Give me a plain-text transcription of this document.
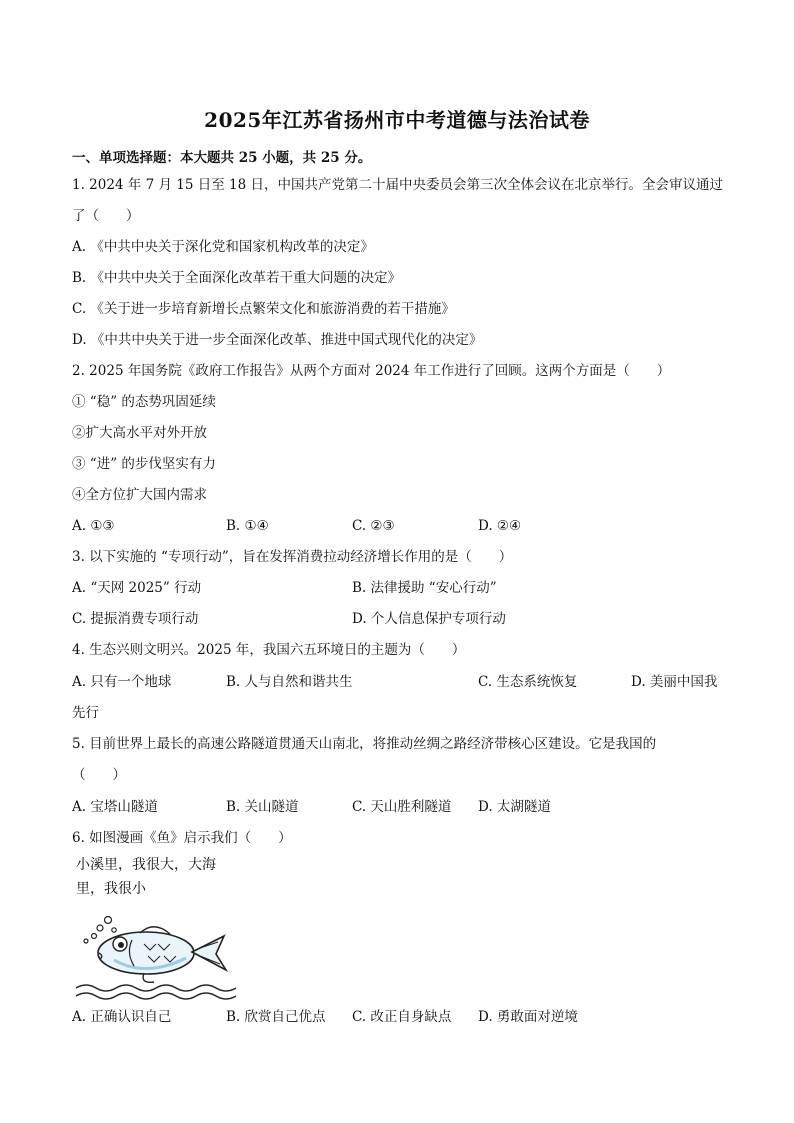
2025年江苏省扬州市中考道德与法治试卷
一、单项选择题：本大题共 25 小题，共 25 分。
1. 2024 年 7 月 15 日至 18 日，中国共产党第二十届中央委员会第三次全体会议在北京举行。全会审议通过
了（　　）
A. 《中共中央关于深化党和国家机构改革的决定》
B. 《中共中央关于全面深化改革若干重大问题的决定》
C. 《关于进一步培育新增长点繁荣文化和旅游消费的若干措施》
D. 《中共中央关于进一步全面深化改革、推进中国式现代化的决定》
2. 2025 年国务院《政府工作报告》从两个方面对 2024 年工作进行了回顾。这两个方面是（　　）
① “稳” 的态势巩固延续
②扩大高水平对外开放
③ “进” 的步伐坚实有力
④全方位扩大国内需求
A. ①③	B. ①④	C. ②③	D. ②④
3. 以下实施的 “专项行动”，旨在发挥消费拉动经济增长作用的是（　　）
A. “天网 2025” 行动	B. 法律援助 “安心行动”
C. 提振消费专项行动	D. 个人信息保护专项行动
4. 生态兴则文明兴。2025 年，我国六五环境日的主题为（　　）
A. 只有一个地球	B. 人与自然和谐共生	C. 生态系统恢复	D. 美丽中国我
先行
5. 目前世界上最长的高速公路隧道贯通天山南北，将推动丝绸之路经济带核心区建设。它是我国的
（　　）
A. 宝塔山隧道	B. 关山隧道	C. 天山胜利隧道 D. 太湖隧道
6. 如图漫画《鱼》启示我们（　　）
小溪里，我很大，大海
里，我很小
A. 正确认识自己	B. 欣赏自己优点 C. 改正自身缺点 D. 勇敢面对逆境
